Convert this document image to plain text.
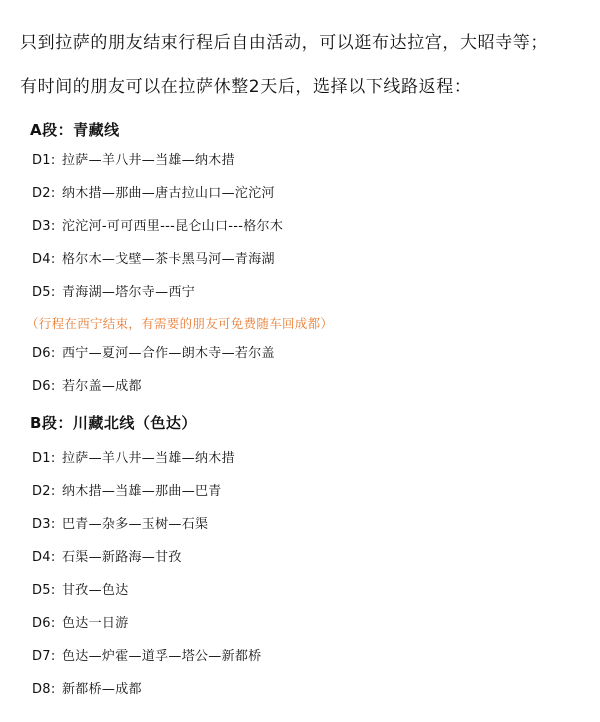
只到拉萨的朋友结束行程后自由活动，可以逛布达拉宫，大昭寺等；
有时间的朋友可以在拉萨休整2天后，选择以下线路返程：
A段：青藏线
D1: 拉萨—羊八井—当雄—纳木措
D2: 纳木措—那曲—唐古拉山口—沱沱河
D3: 沱沱河-可可西里---昆仑山口---格尔木
D4: 格尔木—戈壁—茶卡黑马河—青海湖
D5: 青海湖—塔尔寺—西宁
（行程在西宁结束，有需要的朋友可免费随车回成都）
D6: 西宁—夏河—合作—朗木寺—若尔盖
D6: 若尔盖—成都
B段：川藏北线（色达）
D1: 拉萨—羊八井—当雄—纳木措
D2: 纳木措—当雄—那曲—巴青
D3: 巴青—杂多—玉树—石渠
D4: 石渠—新路海—甘孜
D5: 甘孜—色达
D6: 色达一日游
D7: 色达—炉霍—道孚—塔公—新都桥
D8: 新都桥—成都
